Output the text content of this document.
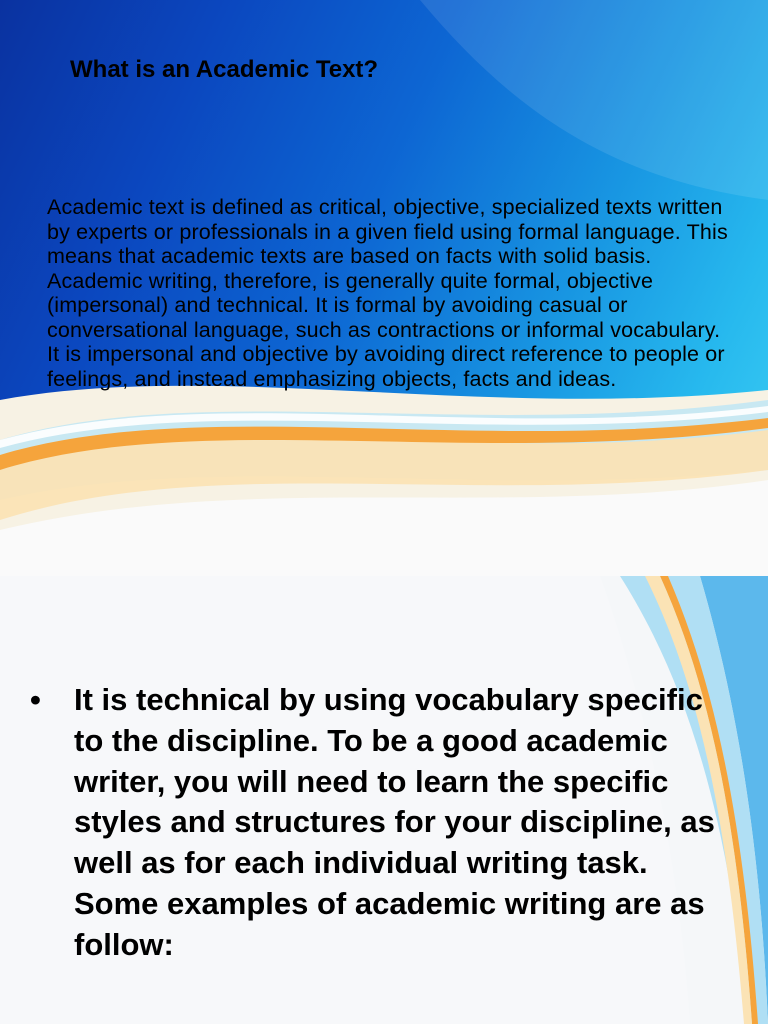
What is an Academic Text?

Academic text is defined as critical, objective, specialized texts written by experts or professionals in a given field using formal language. This means that academic texts are based on facts with solid basis. Academic writing, therefore, is generally quite formal, objective (impersonal) and technical. It is formal by avoiding casual or conversational language, such as contractions or informal vocabulary. It is impersonal and objective by avoiding direct reference to people or feelings, and instead emphasizing objects, facts and ideas.

• It is technical by using vocabulary specific to the discipline. To be a good academic writer, you will need to learn the specific styles and structures for your discipline, as well as for each individual writing task. Some examples of academic writing are as follow:
